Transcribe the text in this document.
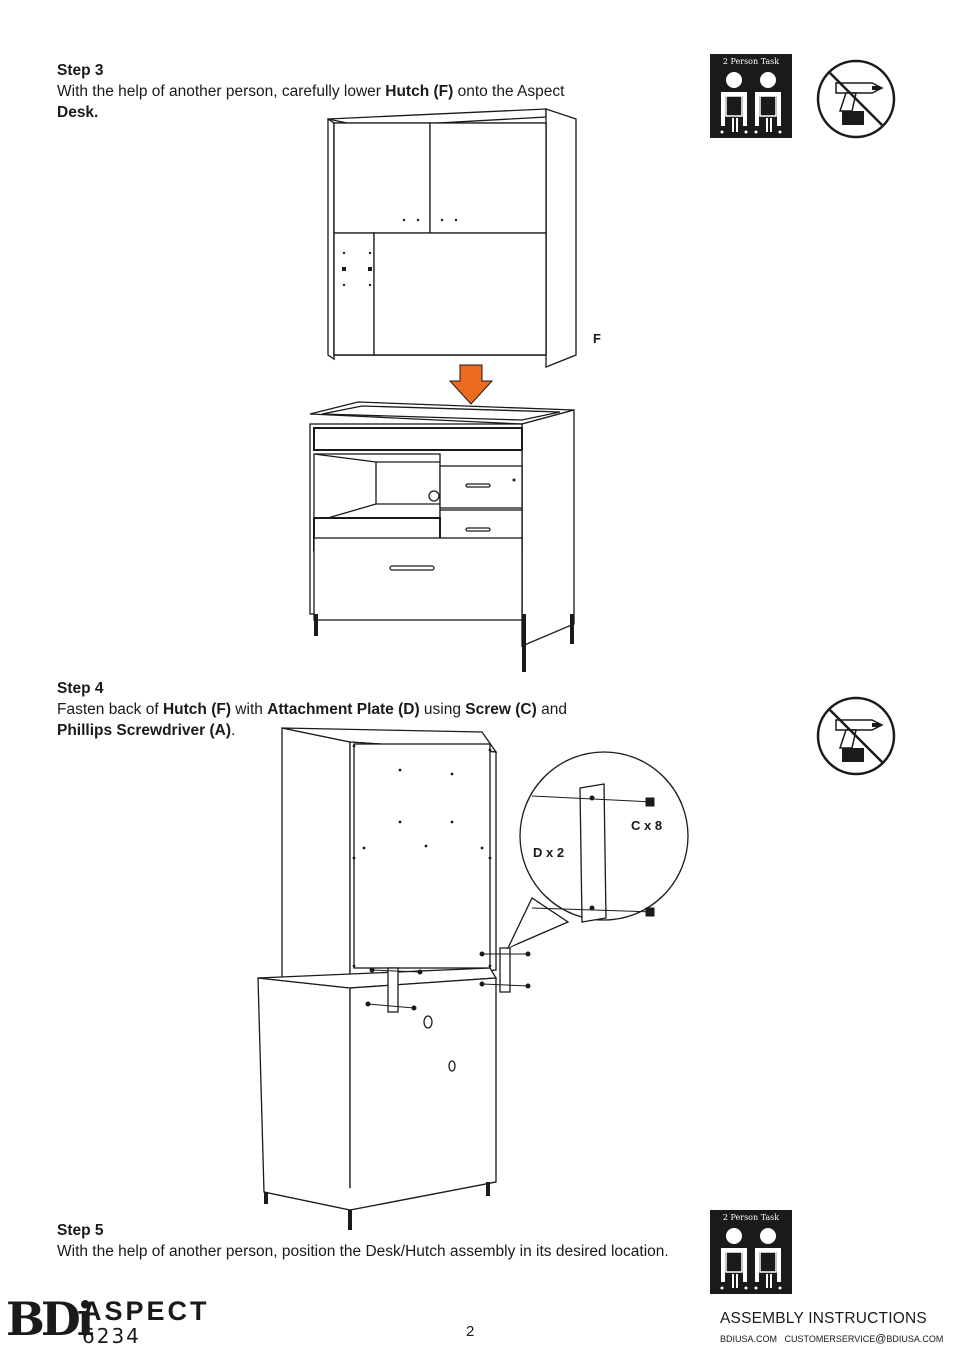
Step 3
With the help of another person, carefully lower Hutch (F) onto the Aspect
Desk.
2 Person Task
F
Step 4
Fasten back of Hutch (F) with Attachment Plate (D) using Screw (C) and
Phillips Screwdriver (A).
C x 8
D x 2
Step 5
With the help of another person, position the Desk/Hutch assembly in its desired location.
2 Person Task
BDi
ASPECT
6234	2
ASSEMBLY INSTRUCTIONS
BDIUSA.COM CUSTOMERSERVICE@BDIUSA.COM
